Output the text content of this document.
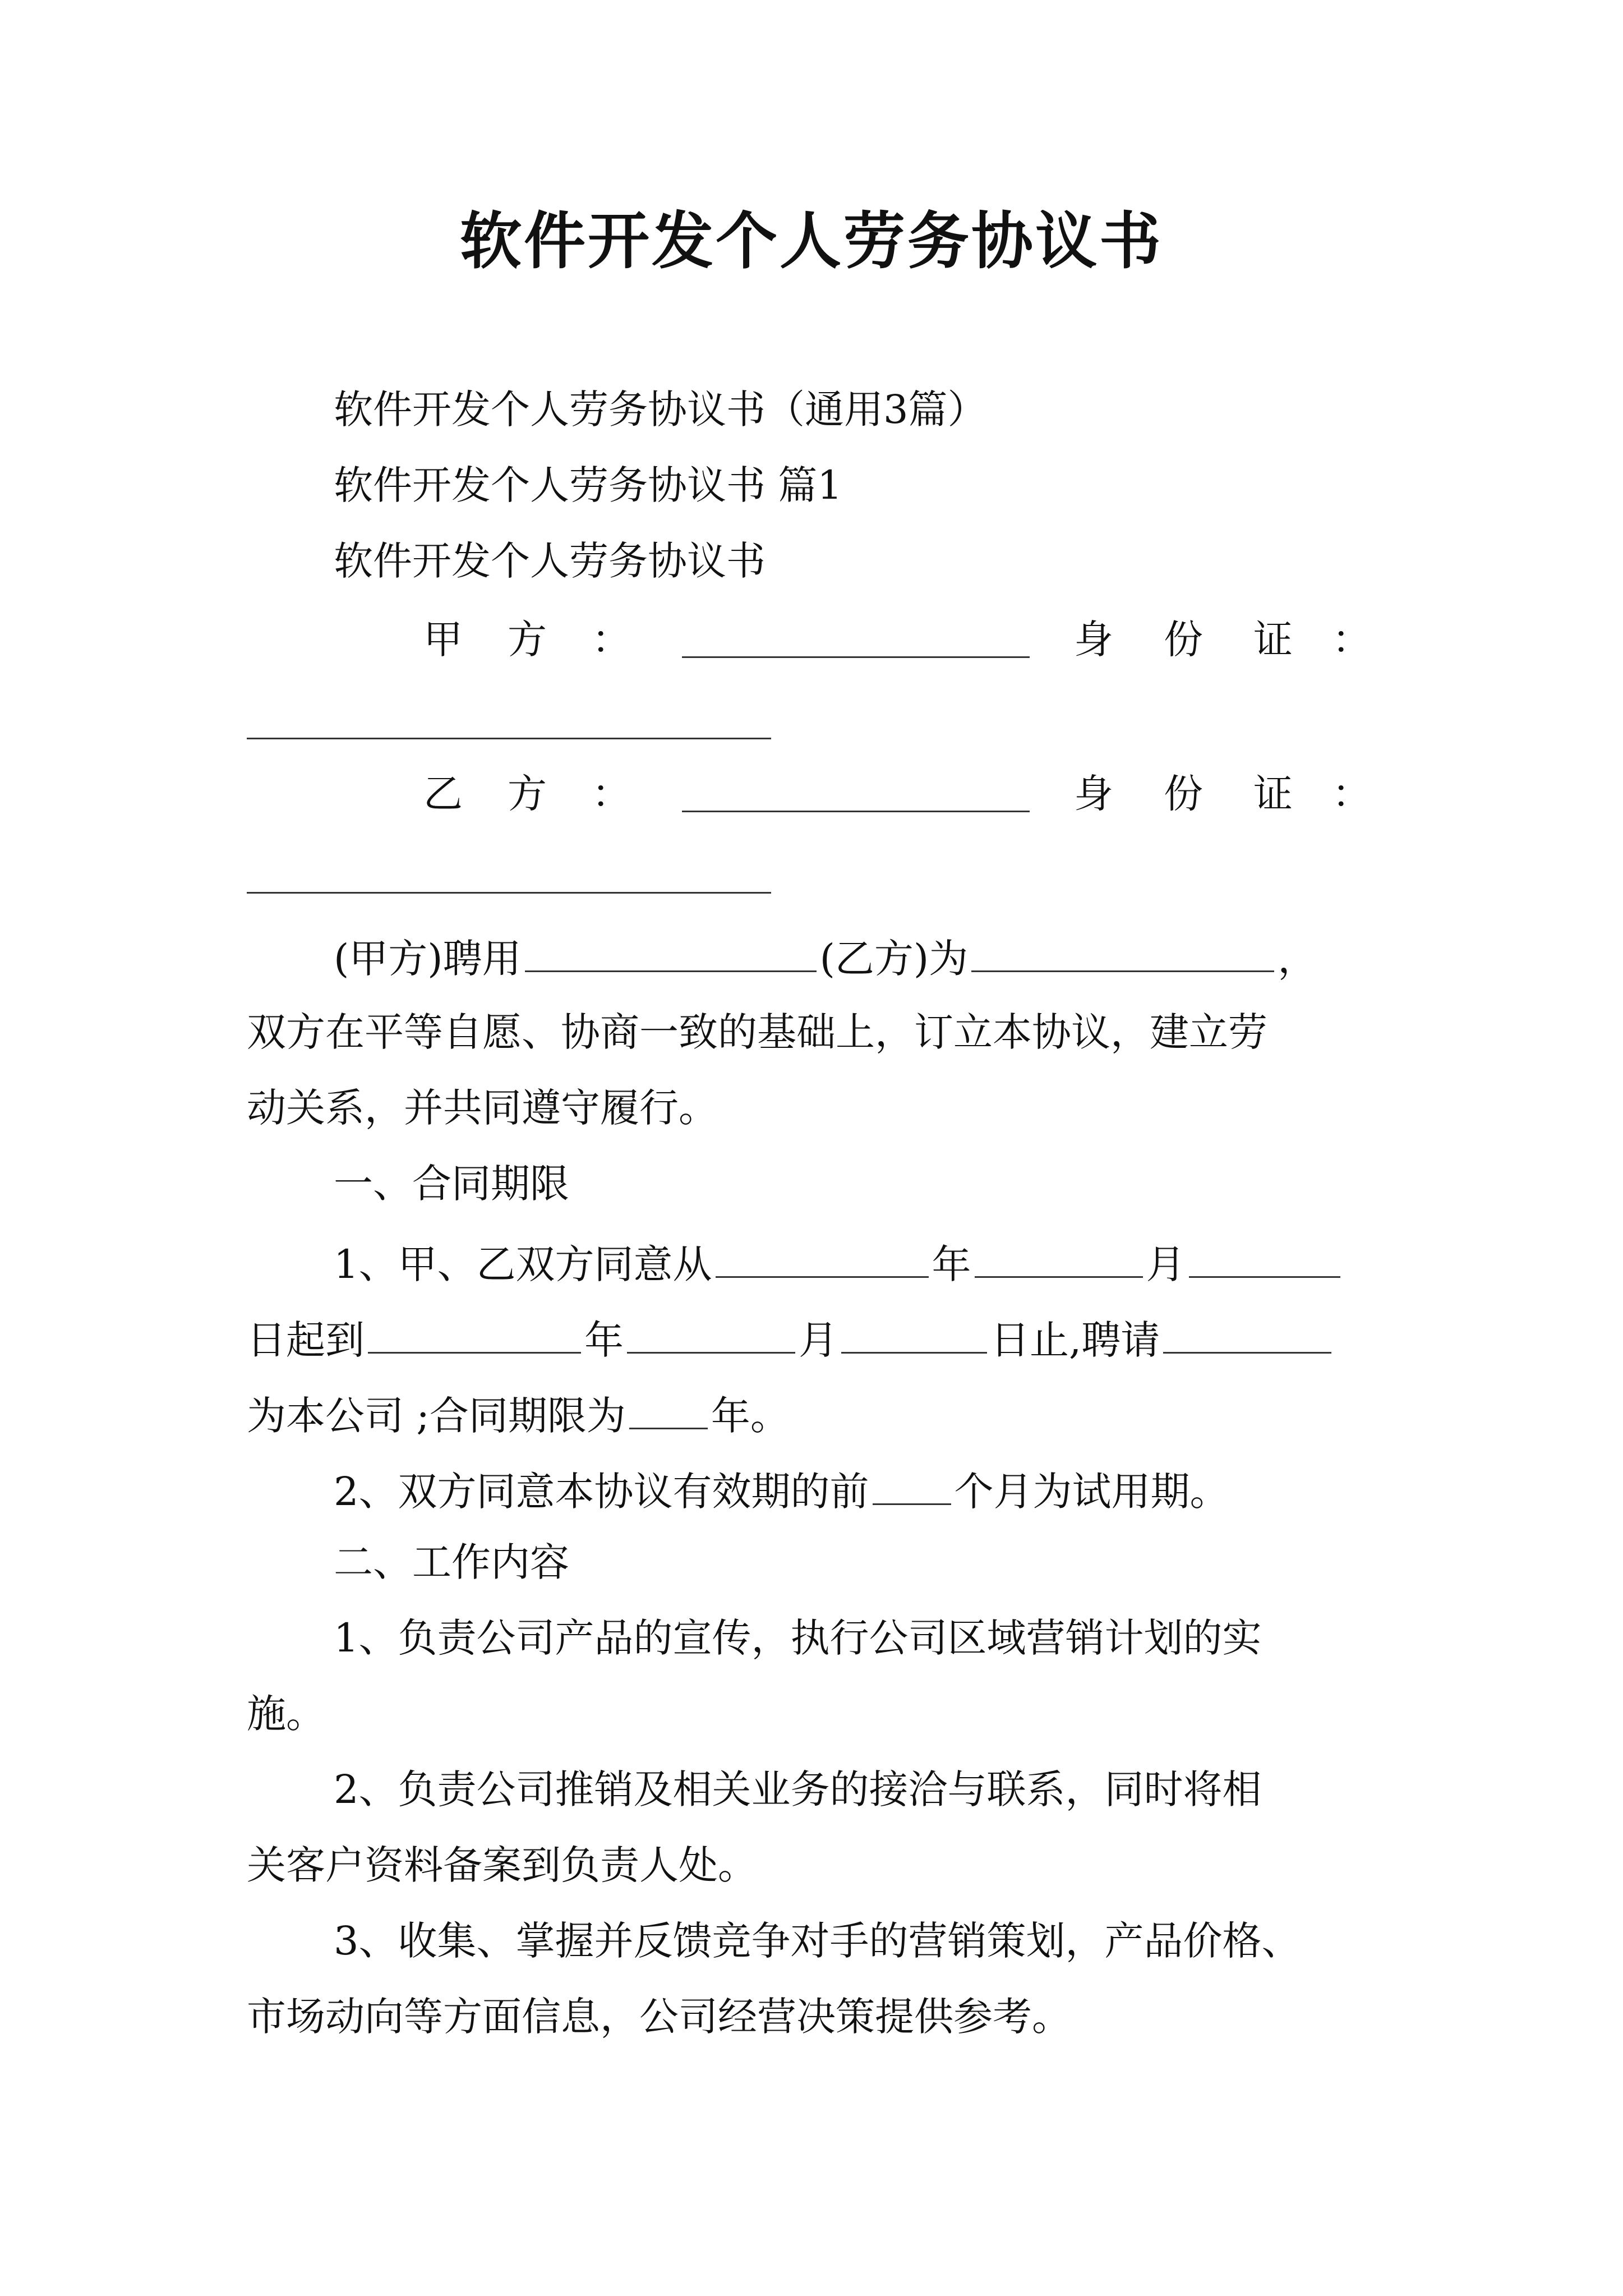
软件开发个人劳务协议书
软件开发个人劳务协议书（通用3篇）
软件开发个人劳务协议书 篇1
软件开发个人劳务协议书
甲 方 ：	身 份 证 ：
乙 方 ：	身 份 证 ：
(甲方)聘用	(乙方)为	，
双方在平等自愿、协商一致的基础上，订立本协议，建立劳
动关系，并共同遵守履行。
一、合同期限
1、甲、乙双方同意从	年	月
日起到	年	月	日止,聘请
为本公司 ;合同期限为 年。
2、双方同意本协议有效期的前 个月为试用期。
二、工作内容
1、负责公司产品的宣传，执行公司区域营销计划的实
施。
2、负责公司推销及相关业务的接洽与联系，同时将相
关客户资料备案到负责人处。
3、收集、掌握并反馈竞争对手的营销策划，产品价格、
市场动向等方面信息，公司经营决策提供参考。
